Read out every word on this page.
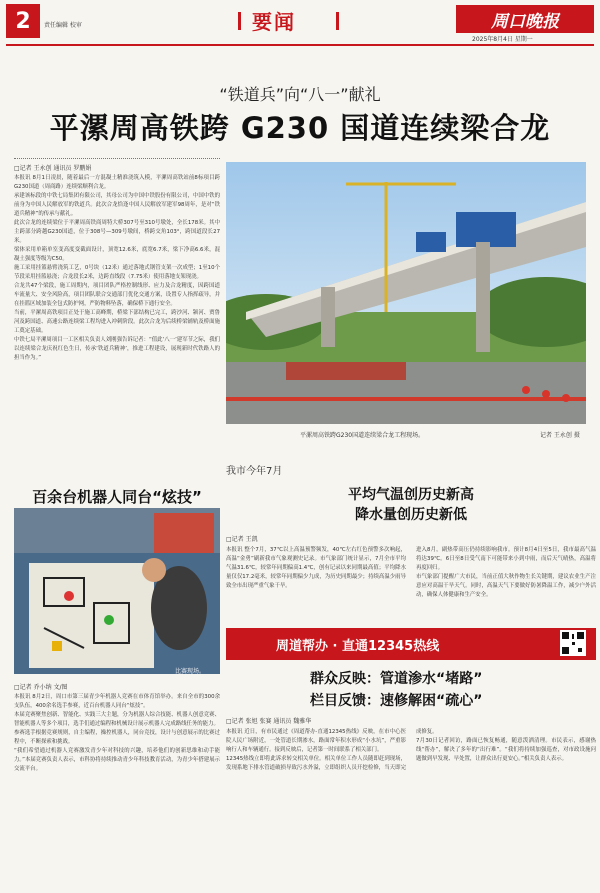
2	责任编辑 校审	要闻	周口晚报
2025年8月4日 星期一
“铁道兵”向“八一”献礼
平漯周高铁跨 G230 国道连续梁合龙
□记者 王永创 通讯员 罗鹏娟
本报讯 8月1日凌晨，随着最后一方混凝土精准浇筑入模，平漯周高铁站前8标项目跨G230国道（周商路）连续梁顺利合龙。
承建该标段的中铁七局集团有限公司，其母公司为中国中铁股份有限公司，中国中铁的前身为中国人民解放军的铁道兵。此次合龙恰逢中国人民解放军建军98周年，是对“铁道兵精神”的传承与献礼。
此次合龙的连续梁位于平漯周高铁商周特大桥307号至310号墩处，全长178米。其中主跨部分跨越G230国道，位于308号—309号墩间，桥跨交角103°，跨国道段长27米。
梁体采用单箱单室变高度变截面设计，顶宽12.6米，底宽6.7米，梁下净高6.6米，混凝土强度等级为C50。
施工采用挂篮悬臂浇筑工艺，0号块（12米）通过落地式钢管支架一次成型；1至10个节段采用挂篮悬浇；合龙段长2米，边跨直线段（7.75米）使用落地支架现浇。
合龙共47个梁段，施工周期内，项目团队严格控制线形、应力及合龙精度，因跨国道车流量大、安全风险高，项目团队联合交通部门优化交通方案，设置专人指挥疏导，并在挂篮区域加装全包式防护网，严防物料坠落，确保桥下通行安全。
当前，平漯周高铁项目正处于施工高峰期，桥梁下部结构已完工，跨沙河、颍河、贾鲁河及跨国道、高速公路连续梁工程均进入冲刺阶段。此次合龙为后续桥梁铺轨及桥面施工奠定基础。
中铁七局平漯周项目一工区相关负责人刘刚强告诉记者：“值此‘八一’建军节之际，我们以连续梁合龙庆祝红色生日，传承‘铁道兵精神’，推进工程建设，展现新时代铁路人的担当作为。”
平漯周高铁跨G230国道连续梁合龙工程现场。	记者 王永创 摄
百余台机器人同台“炫技”
比赛现场。
□记者 乔小纳 文/图
本报讯 8月2日，周口市第三届青少年机器人竞赛在市体育馆举办。来自全市的300余支队伍，400余名选手参赛，近百台机器人同台“炫技”。
本届竞赛聚焦创新、智能化、实践三大主题，分为机器人综合技能、机器人创意竞赛、智能机器人等多个项目，选手们通过编程和机械设计展示机器人完成路线任务的能力。
参赛选手根据竞赛规则，自主编程，操控机器人，同台竞技，设计与创意展示的比赛过程中，不断探索和挑战。
“我们希望通过机器人竞赛激发青少年对科技的兴趣，培养他们的创新思维和动手能力。”本届竞赛负责人表示，市科协将持续推动青少年科技教育活动，为青少年搭建展示交流平台。
我市今年7月
平均气温创历史新高
降水量创历史新低
□记者 王凯
本报讯 整个7月，37℃以上高温预警频发，40℃左右红色预警多次响起，高温“金勇”刷新我市气象观测史记录。市气象部门统计显示，7月全市平均气温31.6℃，较常年同期偏高1.4℃，创有记录以来同期最高值；平均降水量仅仅17.2毫米，较常年同期偏少九成，为历史同期最少；持续高温少雨导致全市出现严重气象干旱。
进入8月，副热带高压仍持续影响我市。预计8月4日至5日，我市最高气温将达39℃。6日至8日受气南下可能带来小到中雨，而后天气晴热，高温将再度回归。
市气象部门提醒广大市民，当前正值大秋作物生长关键期，建议农业生产注意应对高温干旱天气。同时，高温天气下要做好防暑降温工作，减少户外活动，确保人体健康和生产安全。
周道帮办 · 直通12345热线
群众反映：管道渗水“堵路”
栏目反馈：速修解困“疏心”
□记者 张旭 张赛 通讯员 魏雅华
本报讯 近日，有市民通过《周道帮办·直通12345热线》反映，在市中心医院人民广场附近，一处管道长期渗水，路面常年积水形成“小水坑”，严重影响行人和车辆通行。接到反映后，记者第一时间联系了相关部门。
12345热线立即将此诉求转交相关单位。相关单位工作人员随即赶到现场，发现系地下排水管道破损导致污水外溢，立即组织人员开挖检修，当天即完成修复。
7月30日记者回访，路面已恢复畅通，随意泼洒清理。市民表示，感谢热线“帮办”，解决了多年的“出行难”。“我们将持续加强巡查，对市政设施问题做到早发现、早处置，让群众出行更安心。”相关负责人表示。
